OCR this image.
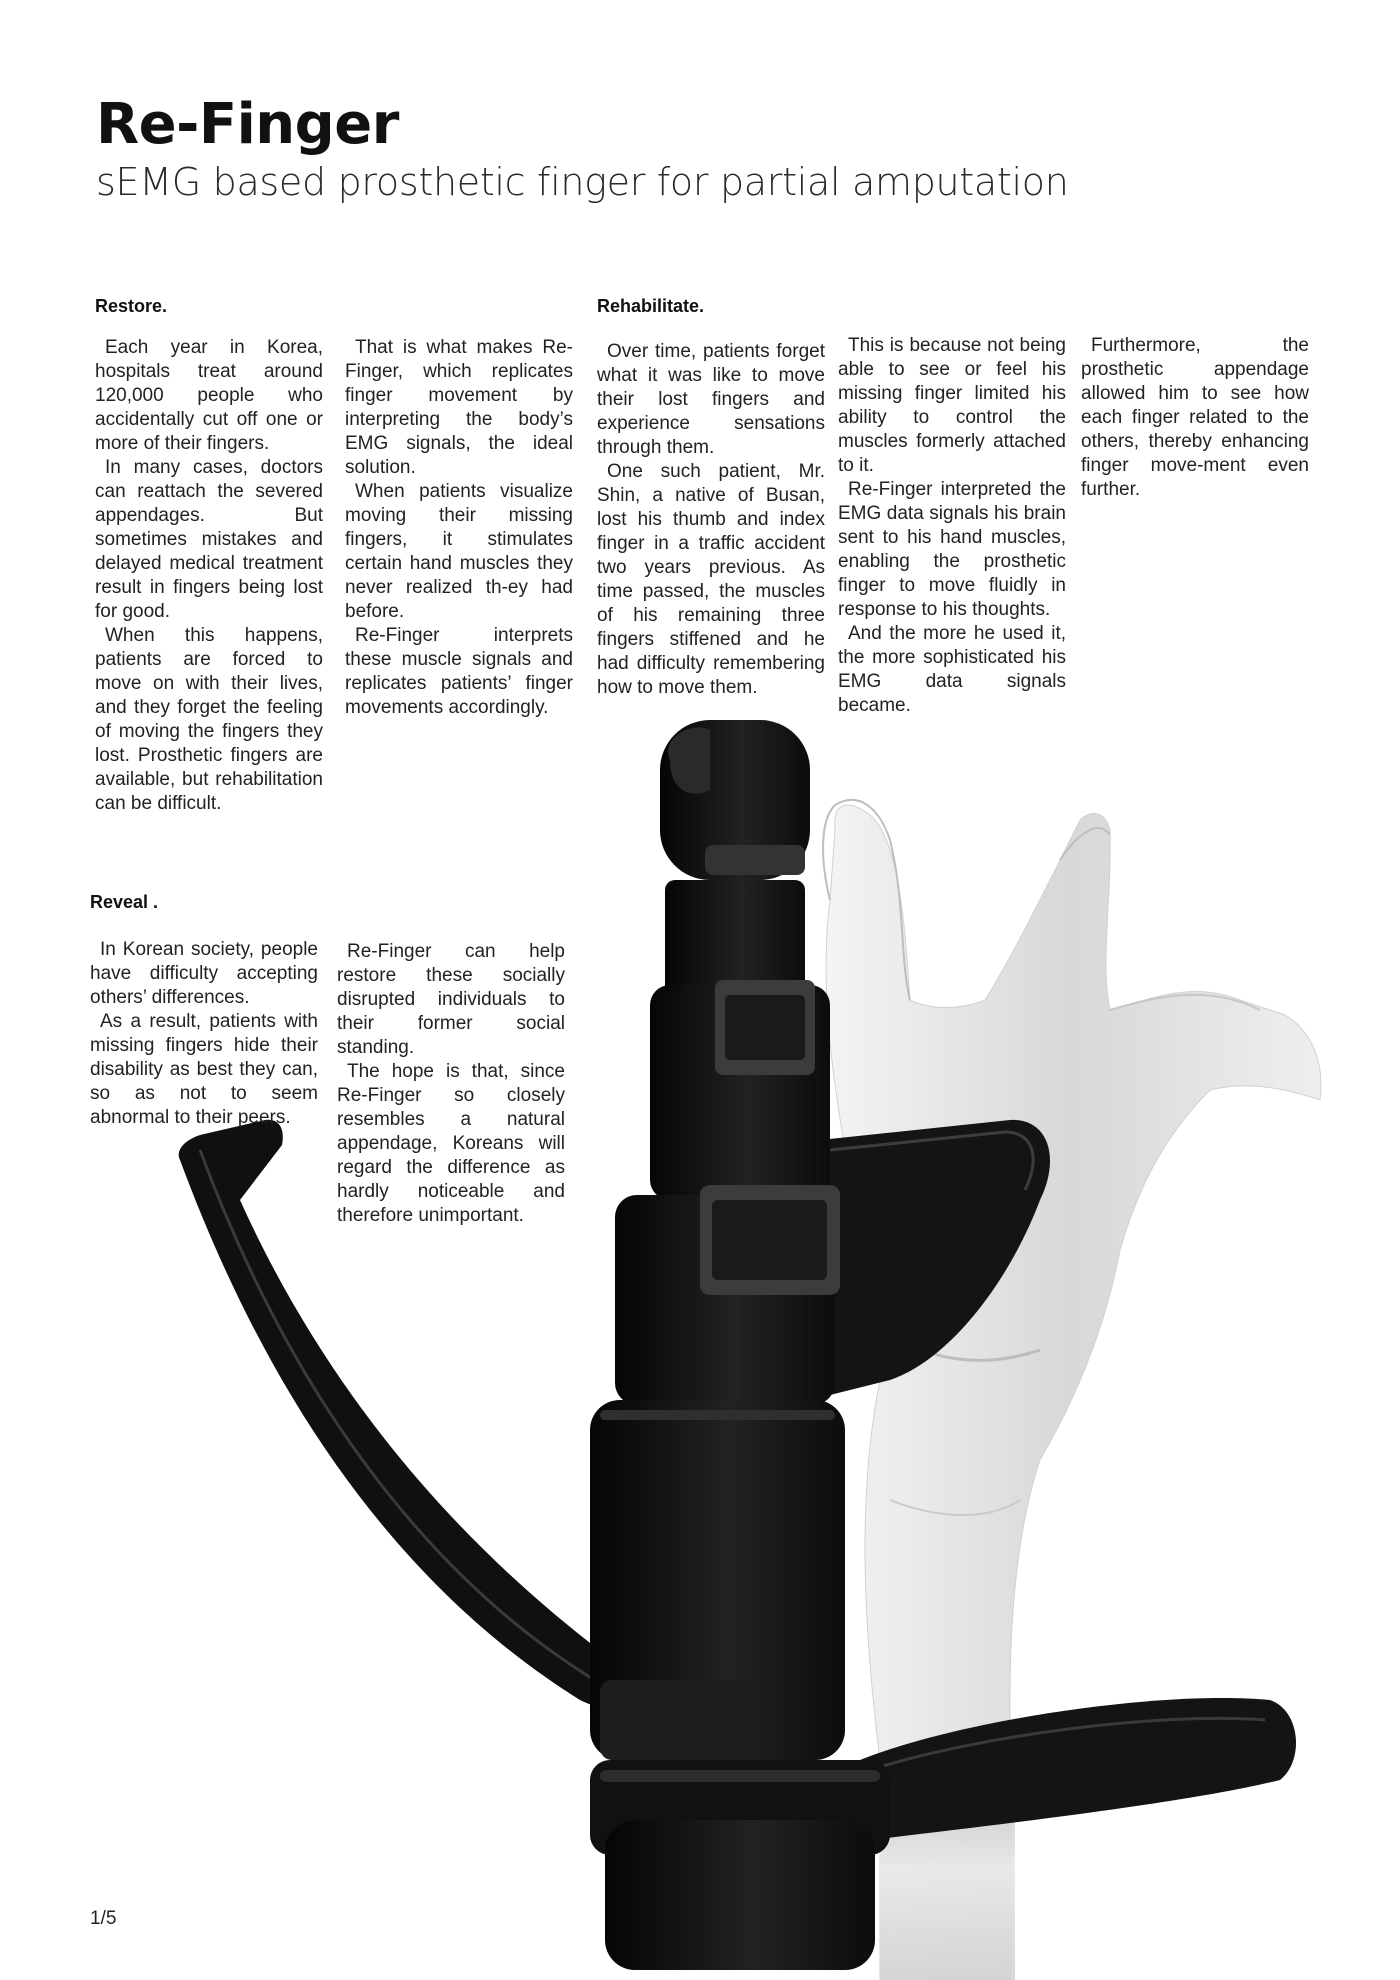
Re-Finger
sEMG based prosthetic finger for partial amputation
Restore.

Each year in Korea, hospitals treat around 120,000 people who accidentally cut off one or more of their fingers.

In many cases, doctors can reattach the severed appendages. But sometimes mistakes and delayed medical treatment result in fingers being lost for good.

When this happens, patients are forced to move on with their lives, and they forget the feeling of moving the fingers they lost. Prosthetic fingers are available, but rehabilitation can be difficult.

That is what makes Re-Finger, which replicates finger movement by interpreting the body’s EMG signals, the ideal solution.

When patients visualize moving their missing fingers, it stimulates certain hand muscles they never realized th-ey had before.

Re-Finger interprets these muscle signals and replicates patients’ finger movements accordingly.

Rehabilitate.

Over time, patients forget what it was like to move their lost fingers and experience sensations through them.

One such patient, Mr. Shin, a native of Busan, lost his thumb and index finger in a traffic accident two years previous. As time passed, the muscles of his remaining three fingers stiffened and he had difficulty remembering how to move them.

This is because not being able to see or feel his missing finger limited his ability to control the muscles formerly attached to it.

Re-Finger interpreted the EMG data signals his brain sent to his hand muscles, enabling the prosthetic finger to move fluidly in response to his thoughts.

And the more he used it, the more sophisticated his EMG data signals became.

Furthermore, the prosthetic appendage allowed him to see how each finger related to the others, thereby enhancing finger move-ment even further.

Reveal .

In Korean society, people have difficulty accepting others’ differences.

As a result, patients with missing fingers hide their disability as best they can, so as not to seem abnormal to their peers.

Re-Finger can help restore these socially disrupted individuals to their former social standing.

The hope is that, since Re-Finger so closely resembles a natural appendage, Koreans will regard the difference as hardly noticeable and therefore unimportant.

1/5
